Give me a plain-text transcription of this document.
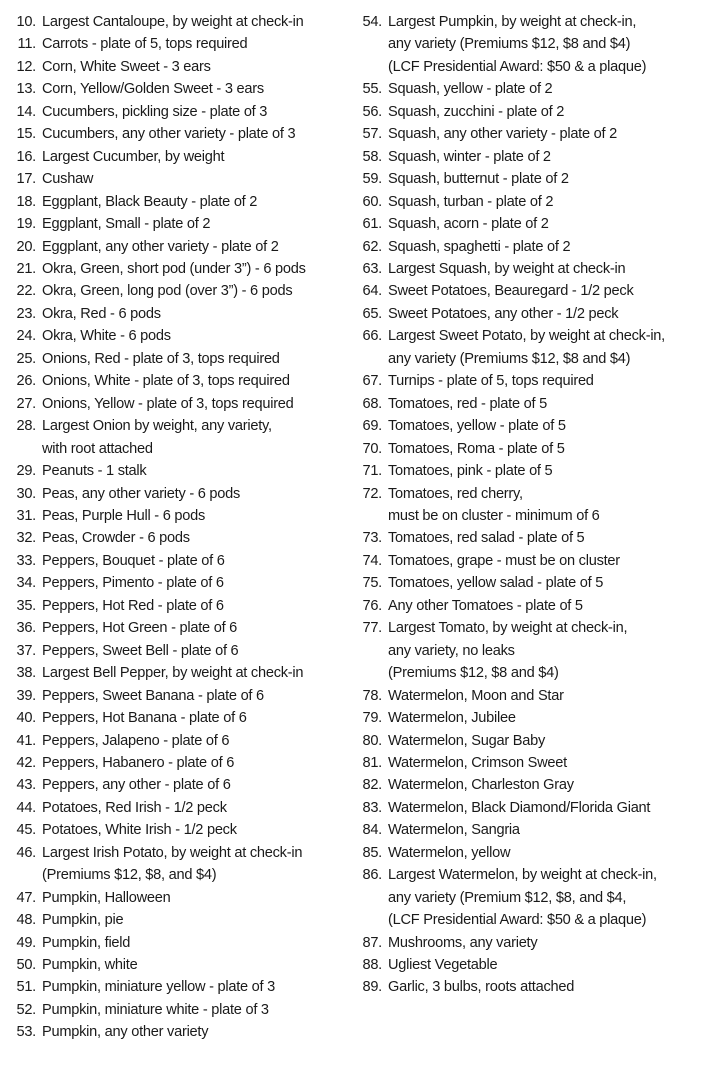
10. Largest Cantaloupe, by weight at check-in
11. Carrots - plate of 5, tops required
12. Corn, White Sweet - 3 ears
13. Corn, Yellow/Golden Sweet - 3 ears
14. Cucumbers, pickling size - plate of 3
15. Cucumbers, any other variety - plate of 3
16. Largest Cucumber, by weight
17. Cushaw
18. Eggplant, Black Beauty - plate of 2
19. Eggplant, Small - plate of 2
20. Eggplant, any other variety - plate of 2
21. Okra, Green, short pod (under 3”) - 6 pods
22. Okra, Green, long pod (over 3”) - 6 pods
23. Okra, Red - 6 pods
24. Okra, White - 6 pods
25. Onions, Red - plate of 3, tops required
26. Onions, White - plate of 3, tops required
27. Onions, Yellow - plate of 3, tops required
28. Largest Onion by weight, any variety,
with root attached
29. Peanuts - 1 stalk
30. Peas, any other variety - 6 pods
31. Peas, Purple Hull - 6 pods
32. Peas, Crowder - 6 pods
33. Peppers, Bouquet - plate of 6
34. Peppers, Pimento - plate of 6
35. Peppers, Hot Red - plate of 6
36. Peppers, Hot Green - plate of 6
37. Peppers, Sweet Bell - plate of 6
38. Largest Bell Pepper, by weight at check-in
39. Peppers, Sweet Banana - plate of 6
40. Peppers, Hot Banana - plate of 6
41. Peppers, Jalapeno - plate of 6
42. Peppers, Habanero - plate of 6
43. Peppers, any other - plate of 6
44. Potatoes, Red Irish - 1/2 peck
45. Potatoes, White Irish - 1/2 peck
46. Largest Irish Potato, by weight at check-in
(Premiums $12, $8, and $4)
47. Pumpkin, Halloween
48. Pumpkin, pie
49. Pumpkin, field
50. Pumpkin, white
51. Pumpkin, miniature yellow - plate of 3
52. Pumpkin, miniature white - plate of 3
53. Pumpkin, any other variety
54. Largest Pumpkin, by weight at check-in,
any variety (Premiums $12, $8 and $4)
(LCF Presidential Award: $50 & a plaque)
55. Squash, yellow - plate of 2
56. Squash, zucchini - plate of 2
57. Squash, any other variety - plate of 2
58. Squash, winter - plate of 2
59. Squash, butternut - plate of 2
60. Squash, turban - plate of 2
61. Squash, acorn - plate of 2
62. Squash, spaghetti - plate of 2
63. Largest Squash, by weight at check-in
64. Sweet Potatoes, Beauregard - 1/2 peck
65. Sweet Potatoes, any other - 1/2 peck
66. Largest Sweet Potato, by weight at check-in,
any variety (Premiums $12, $8 and $4)
67. Turnips - plate of 5, tops required
68. Tomatoes, red - plate of 5
69. Tomatoes, yellow - plate of 5
70. Tomatoes, Roma - plate of 5
71. Tomatoes, pink - plate of 5
72. Tomatoes, red cherry,
must be on cluster - minimum of 6
73. Tomatoes, red salad - plate of 5
74. Tomatoes, grape - must be on cluster
75. Tomatoes, yellow salad - plate of 5
76. Any other Tomatoes - plate of 5
77. Largest Tomato, by weight at check-in,
any variety, no leaks
(Premiums $12, $8 and $4)
78. Watermelon, Moon and Star
79. Watermelon, Jubilee
80. Watermelon, Sugar Baby
81. Watermelon, Crimson Sweet
82. Watermelon, Charleston Gray
83. Watermelon, Black Diamond/Florida Giant
84. Watermelon, Sangria
85. Watermelon, yellow
86. Largest Watermelon, by weight at check-in,
any variety (Premium $12, $8, and $4,
(LCF Presidential Award: $50 & a plaque)
87. Mushrooms, any variety
88. Ugliest Vegetable
89. Garlic, 3 bulbs, roots attached
